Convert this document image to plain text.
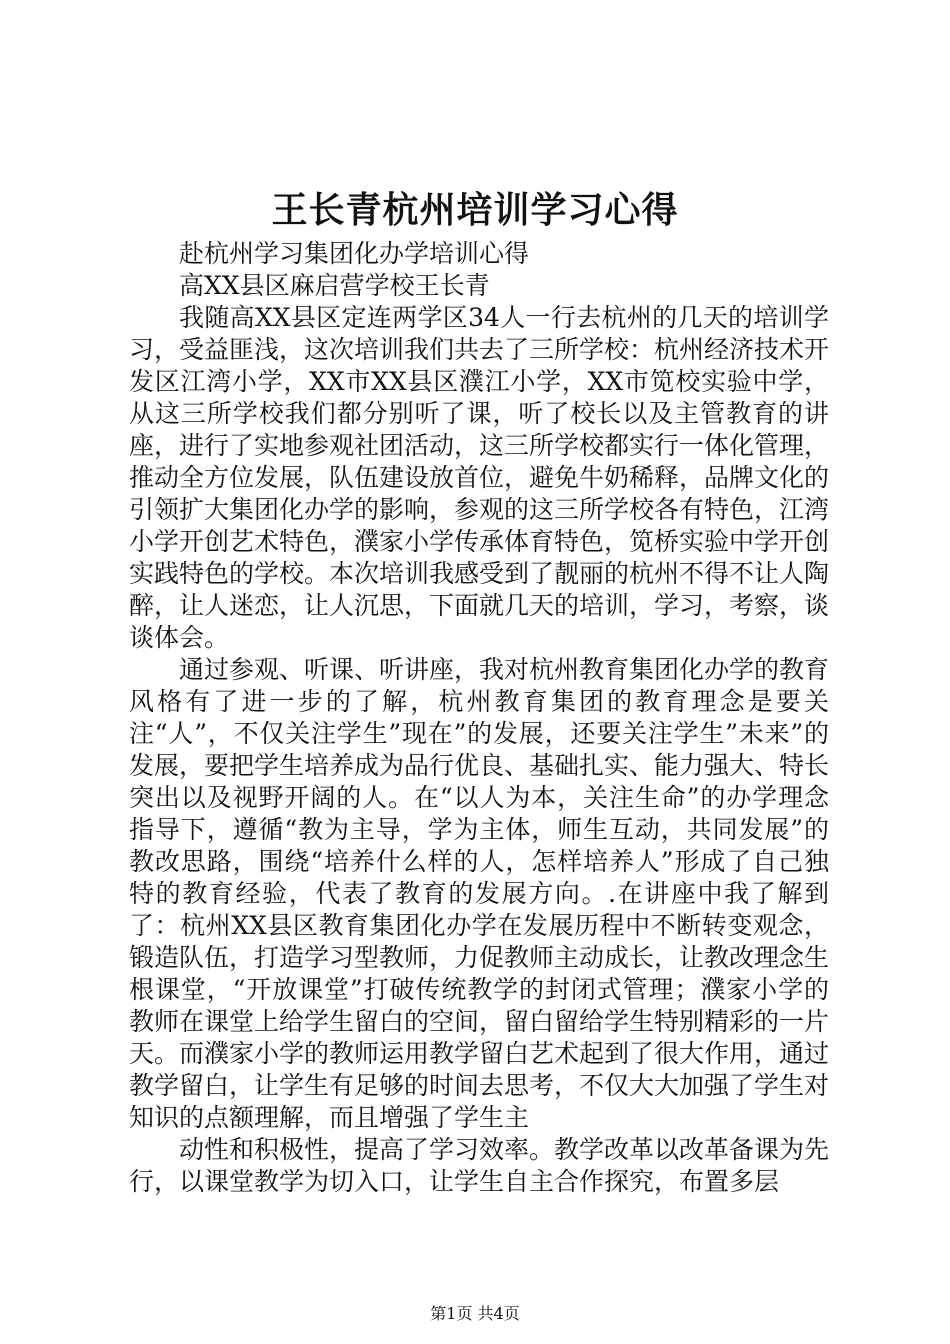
王长青杭州培训学习心得

赴杭州学习集团化办学培训心得

高XX县区麻启营学校王长青

我随高XX县区定连两学区34人一行去杭州的几天的培训学习，受益匪浅，这次培训我们共去了三所学校：杭州经济技术开发区江湾小学，XX市XX县区濮江小学，XX市笕校实验中学，从这三所学校我们都分别听了课，听了校长以及主管教育的讲座，进行了实地参观社团活动，这三所学校都实行一体化管理，推动全方位发展，队伍建设放首位，避免牛奶稀释，品牌文化的引领扩大集团化办学的影响，参观的这三所学校各有特色，江湾小学开创艺术特色，濮家小学传承体育特色，笕桥实验中学开创实践特色的学校。本次培训我感受到了靓丽的杭州不得不让人陶醉，让人迷恋，让人沉思，下面就几天的培训，学习，考察，谈谈体会。

通过参观、听课、听讲座，我对杭州教育集团化办学的教育风格有了进一步的了解，杭州教育集团的教育理念是要关注“人”，不仅关注学生”现在”的发展，还要关注学生”未来”的发展，要把学生培养成为品行优良、基础扎实、能力强大、特长突出以及视野开阔的人。在“以人为本，关注生命”的办学理念指导下，遵循“教为主导，学为主体，师生互动，共同发展”的教改思路，围绕“培养什么样的人，怎样培养人”形成了自己独特的教育经验，代表了教育的发展方向。.在讲座中我了解到了：杭州XX县区教育集团化办学在发展历程中不断转变观念，锻造队伍，打造学习型教师，力促教师主动成长，让教改理念生根课堂，“开放课堂”打破传统教学的封闭式管理；濮家小学的教师在课堂上给学生留白的空间，留白留给学生特别精彩的一片天。而濮家小学的教师运用教学留白艺术起到了很大作用，通过教学留白，让学生有足够的时间去思考，不仅大大加强了学生对知识的点额理解，而且增强了学生主

动性和积极性，提高了学习效率。教学改革以改革备课为先行，以课堂教学为切入口，让学生自主合作探究，布置多层

第1页 共4页
